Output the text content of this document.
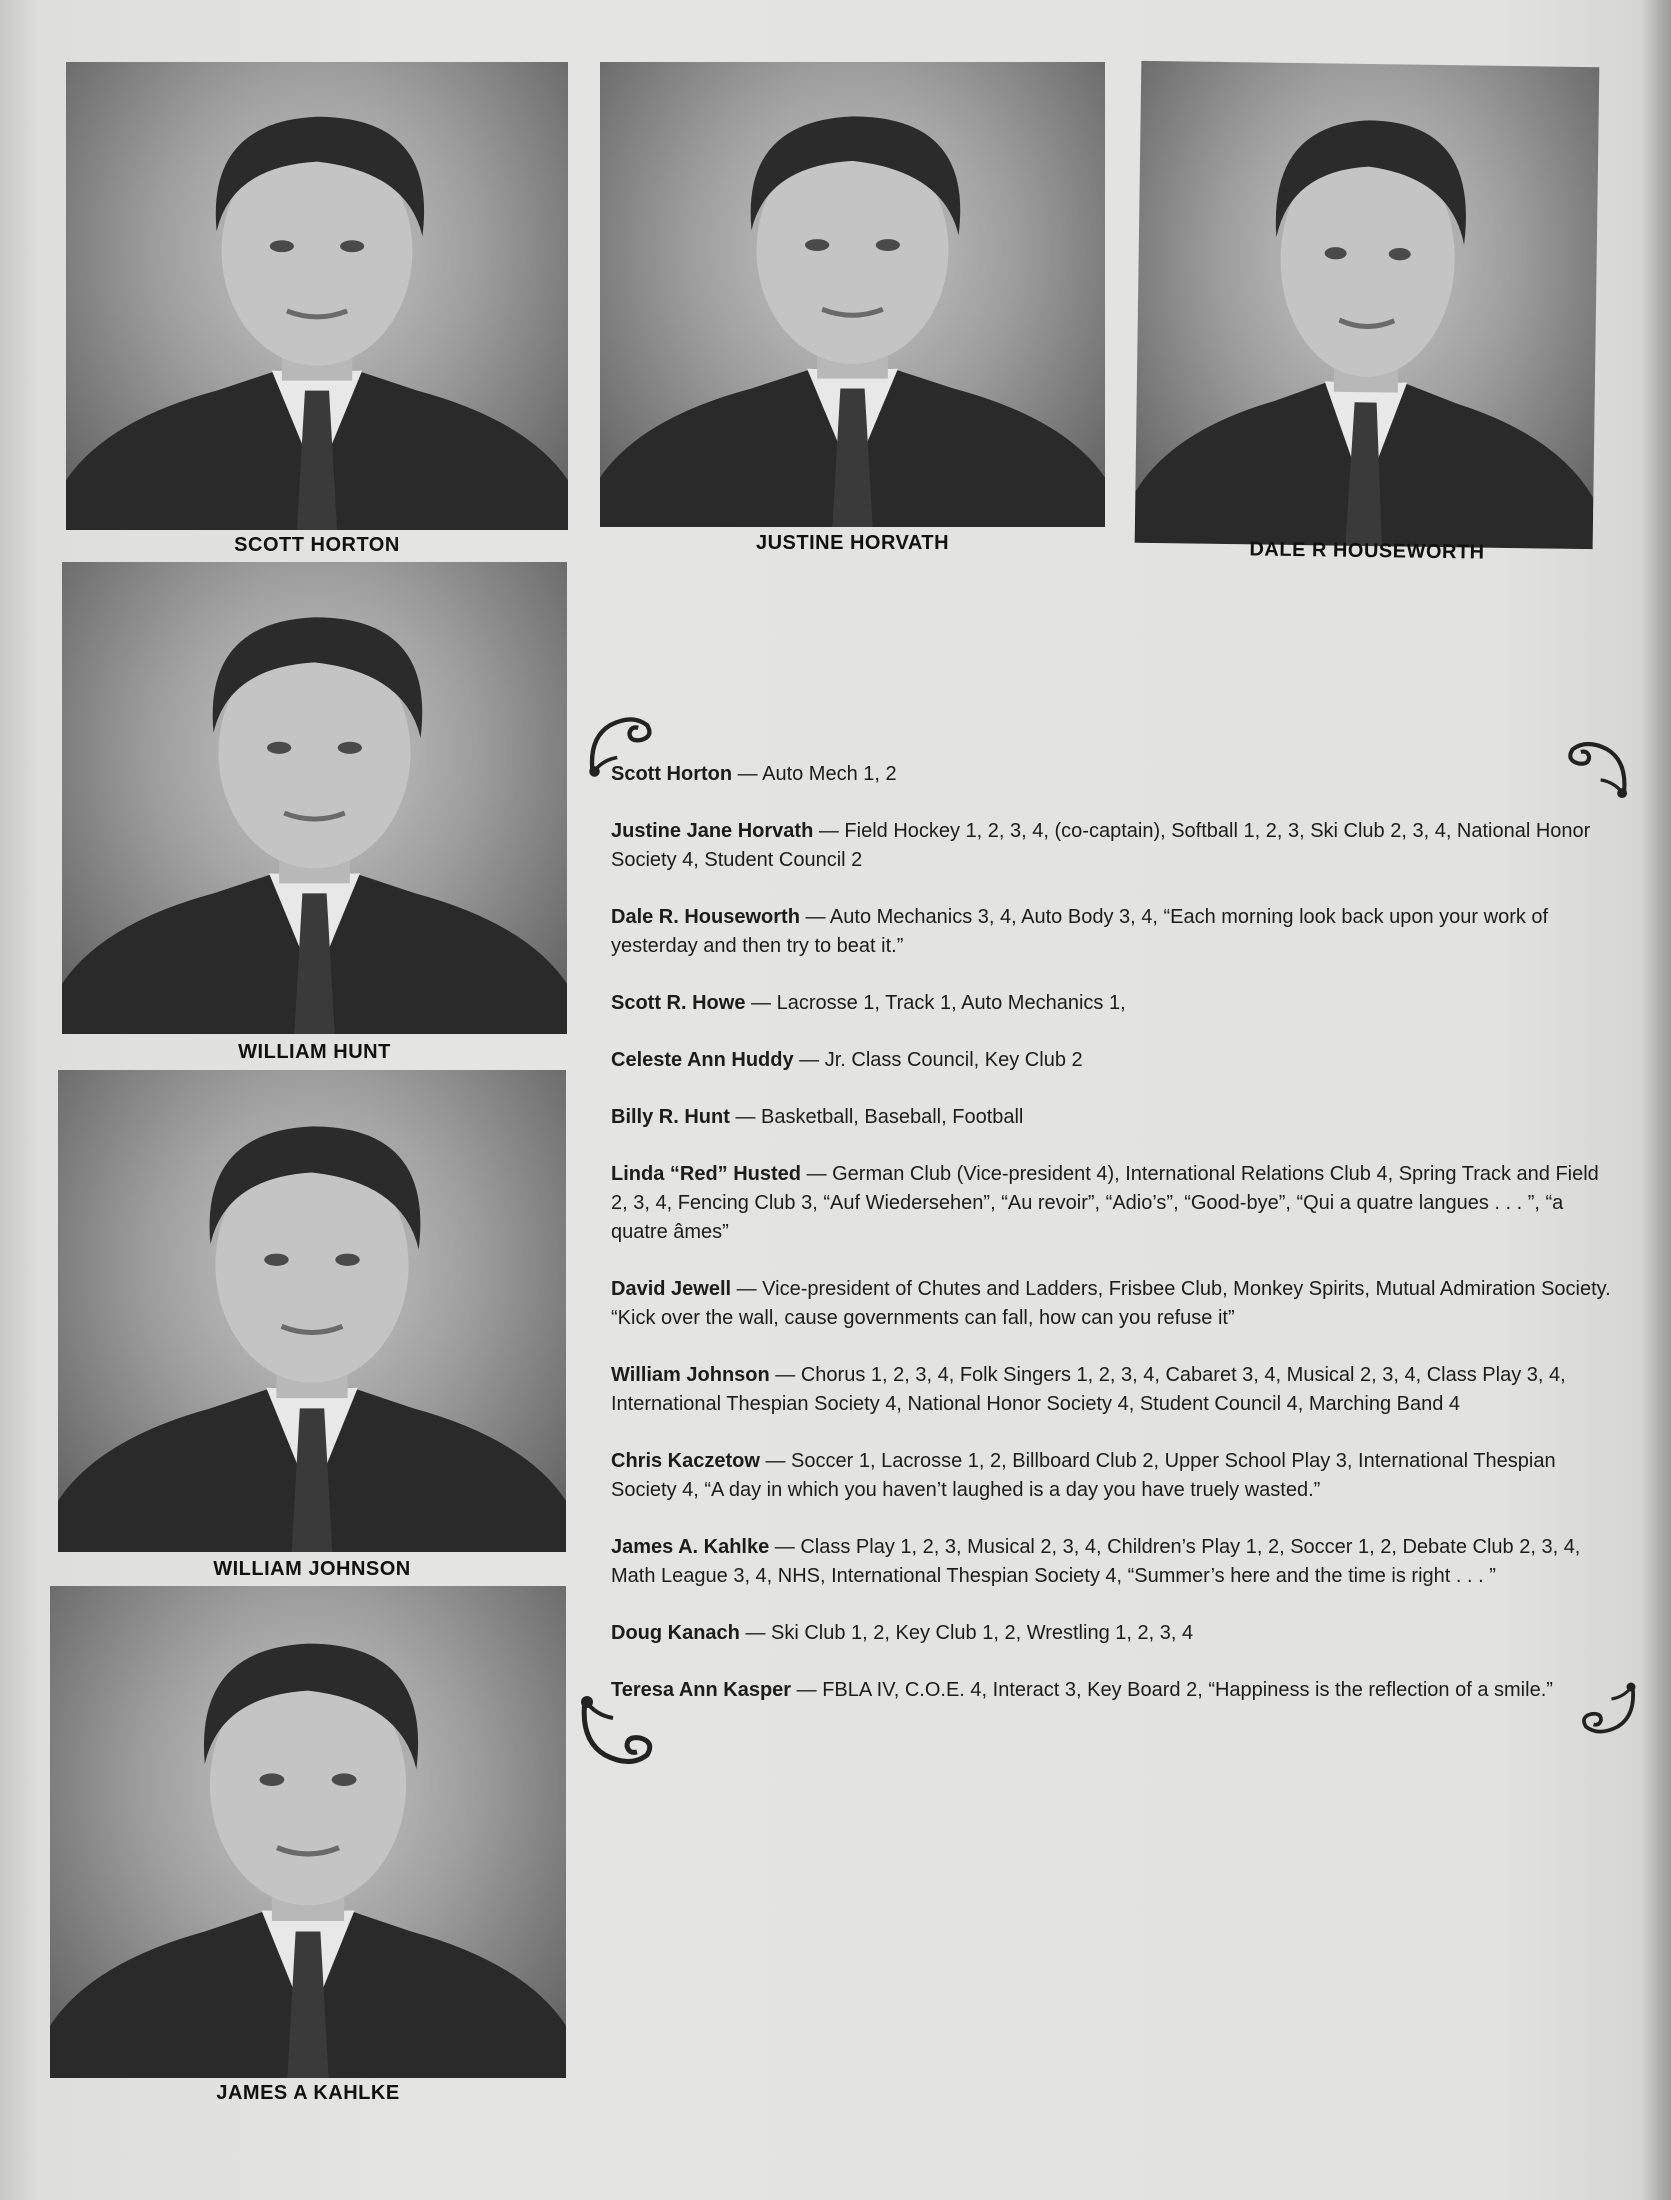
SCOTT HORTON	JUSTINE HORVATH	DALE R HOUSEWORTH
WILLIAM HUNT
WILLIAM JOHNSON
JAMES A KAHLKE

Scott Horton — Auto Mech 1, 2

Justine Jane Horvath — Field Hockey 1, 2, 3, 4, (co-captain), Softball 1, 2, 3, Ski Club 2, 3, 4, National Honor Society 4, Student Council 2

Dale R. Houseworth — Auto Mechanics 3, 4, Auto Body 3, 4, “Each morning look back upon your work of yesterday and then try to beat it.”

Scott R. Howe — Lacrosse 1, Track 1, Auto Mechanics 1,

Celeste Ann Huddy — Jr. Class Council, Key Club 2

Billy R. Hunt — Basketball, Baseball, Football

Linda “Red” Husted — German Club (Vice-president 4), International Relations Club 4, Spring Track and Field 2, 3, 4, Fencing Club 3, “Auf Wiedersehen”, “Au revoir”, “Adio’s”, “Good-bye”, “Qui a quatre langues . . . ”, “a quatre âmes”

David Jewell — Vice-president of Chutes and Ladders, Frisbee Club, Monkey Spirits, Mutual Admiration Society. “Kick over the wall, cause governments can fall, how can you refuse it”

William Johnson — Chorus 1, 2, 3, 4, Folk Singers 1, 2, 3, 4, Cabaret 3, 4, Musical 2, 3, 4, Class Play 3, 4, International Thespian Society 4, National Honor Society 4, Student Council 4, Marching Band 4

Chris Kaczetow — Soccer 1, Lacrosse 1, 2, Billboard Club 2, Upper School Play 3, International Thespian Society 4, “A day in which you haven’t laughed is a day you have truely wasted.”

James A. Kahlke — Class Play 1, 2, 3, Musical 2, 3, 4, Children’s Play 1, 2, Soccer 1, 2, Debate Club 2, 3, 4, Math League 3, 4, NHS, International Thespian Society 4, “Summer’s here and the time is right . . . ”

Doug Kanach — Ski Club 1, 2, Key Club 1, 2, Wrestling 1, 2, 3, 4

Teresa Ann Kasper — FBLA IV, C.O.E. 4, Interact 3, Key Board 2, “Happiness is the reflection of a smile.”
